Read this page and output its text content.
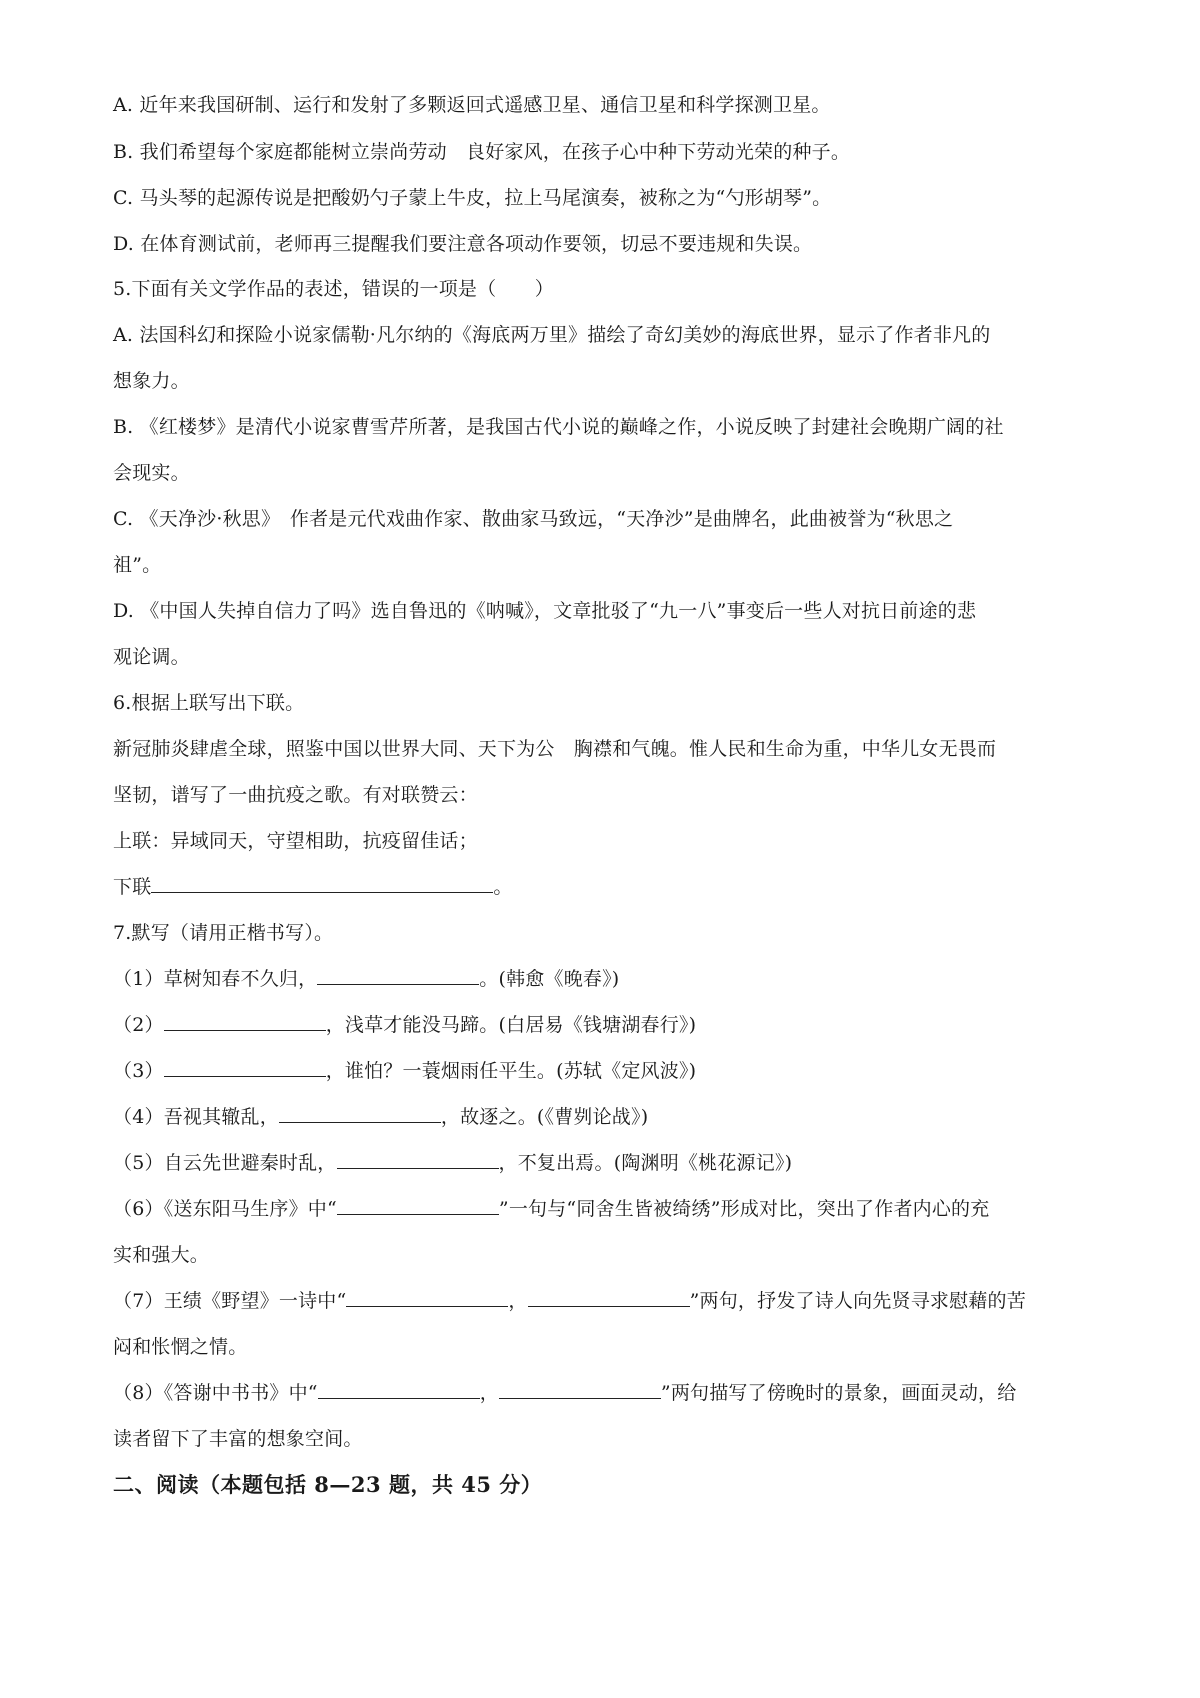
A. 近年来我国研制、运行和发射了多颗返回式遥感卫星、通信卫星和科学探测卫星。
B. 我们希望每个家庭都能树立崇尚劳动　良好家风，在孩子心中种下劳动光荣的种子。
C. 马头琴的起源传说是把酸奶勺子蒙上牛皮，拉上马尾演奏，被称之为“勺形胡琴”。
D. 在体育测试前，老师再三提醒我们要注意各项动作要领，切忌不要违规和失误。
5.下面有关文学作品的表述，错误的一项是（　　）
A. 法国科幻和探险小说家儒勒·凡尔纳的《海底两万里》描绘了奇幻美妙的海底世界，显示了作者非凡的
想象力。
B. 《红楼梦》是清代小说家曹雪芹所著，是我国古代小说的巅峰之作，小说反映了封建社会晚期广阔的社
会现实。
C. 《天净沙·秋思》　作者是元代戏曲作家、散曲家马致远，“天净沙”是曲牌名，此曲被誉为“秋思之
祖”。
D. 《中国人失掉自信力了吗》选自鲁迅的《呐喊》，文章批驳了“九一八”事变后一些人对抗日前途的悲
观论调。
6.根据上联写出下联。
新冠肺炎肆虐全球，照鉴中国以世界大同、天下为公　胸襟和气魄。惟人民和生命为重，中华儿女无畏而
坚韧，谱写了一曲抗疫之歌。有对联赞云：
上联：异域同天，守望相助，抗疫留佳话；
下联	。
7.默写（请用正楷书写）。
（1）草树知春不久归，	。(韩愈《晚春》)
（2）	，浅草才能没马蹄。(白居易《钱塘湖春行》)
（3）	，谁怕？一蓑烟雨任平生。(苏轼《定风波》)
（4）吾视其辙乱，	，故逐之。(《曹刿论战》)
（5）自云先世避秦时乱，	，不复出焉。(陶渊明《桃花源记》)
（6）《送东阳马生序》中“	”一句与“同舍生皆被绮绣”形成对比，突出了作者内心的充
实和强大。
（7）王绩《野望》一诗中“	，	”两句，抒发了诗人向先贤寻求慰藉的苦
闷和怅惘之情。
（8）《答谢中书书》中“	，	”两句描写了傍晚时的景象，画面灵动，给
读者留下了丰富的想象空间。
二、阅读（本题包括 8—23 题，共 45 分）
